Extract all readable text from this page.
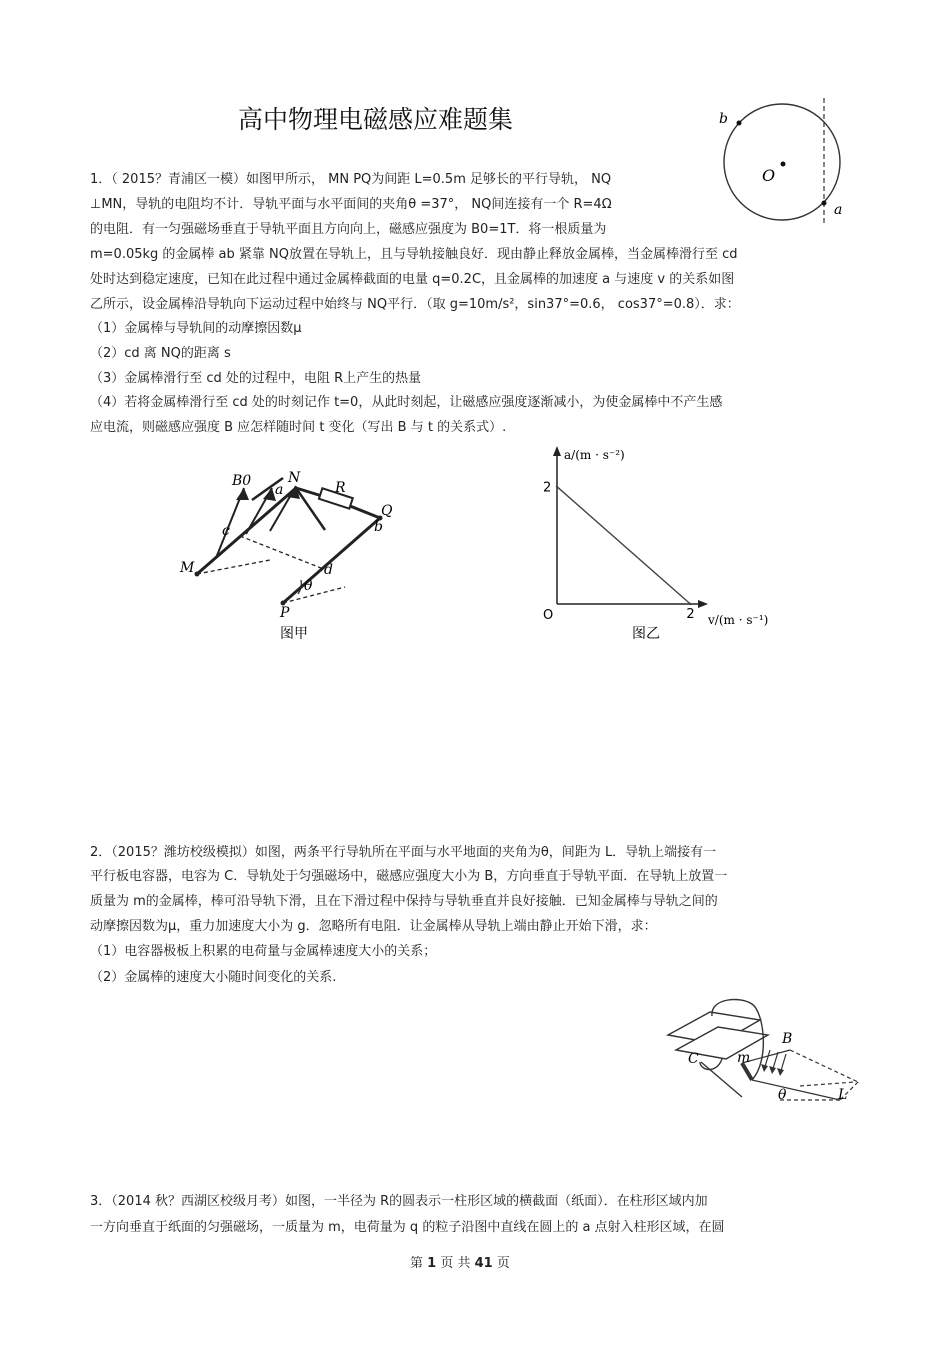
高中物理电磁感应难题集	b
O
a
1．（ 2015？青浦区一模）如图甲所示， MN PQ为间距 L=0.5m 足够长的平行导轨， NQ
⊥MN，导轨的电阻均不计．导轨平面与水平面间的夹角θ =37°， NQ间连接有一个 R=4Ω
的电阻．有一匀强磁场垂直于导轨平面且方向向上，磁感应强度为 B0=1T．将一根质量为
m=0.05kg 的金属棒 ab 紧靠 NQ放置在导轨上，且与导轨接触良好．现由静止释放金属棒，当金属棒滑行至 cd
处时达到稳定速度，已知在此过程中通过金属棒截面的电量 q=0.2C，且金属棒的加速度 a 与速度 v 的关系如图
乙所示，设金属棒沿导轨向下运动过程中始终与 NQ平行．（取 g=10m/s²，sin37°=0.6， cos37°=0.8）．求：
（1）金属棒与导轨间的动摩擦因数μ
（2）cd 离 NQ的距离 s
（3）金属棒滑行至 cd 处的过程中，电阻 R上产生的热量
（4）若将金属棒滑行至 cd 处的时刻记作 t=0，从此时刻起，让磁感应强度逐渐减小，为使金属棒中不产生感
应电流，则磁感应强度 B 应怎样随时间 t 变化（写出 B 与 t 的关系式）.
B0	N
a	R
Q
b
c
M	d
θ
P
图甲
2
2
a/(m · s⁻²)
v/(m · s⁻¹)
O
图乙
2．（2015？潍坊校级模拟）如图，两条平行导轨所在平面与水平地面的夹角为θ，间距为 L．导轨上端接有一
平行板电容器，电容为 C．导轨处于匀强磁场中，磁感应强度大小为 B，方向垂直于导轨平面．在导轨上放置一
质量为 m的金属棒，棒可沿导轨下滑，且在下滑过程中保持与导轨垂直并良好接触．已知金属棒与导轨之间的
动摩擦因数为μ，重力加速度大小为 g．忽略所有电阻．让金属棒从导轨上端由静止开始下滑，求：
（1）电容器极板上积累的电荷量与金属棒速度大小的关系；
（2）金属棒的速度大小随时间变化的关系.
C	m
B
θ	L
3．（2014 秋？西湖区校级月考）如图，一半径为 R的圆表示一柱形区域的横截面（纸面）．在柱形区域内加
一方向垂直于纸面的匀强磁场，一质量为 m，电荷量为 q 的粒子沿图中直线在圆上的 a 点射入柱形区域，在圆
第 1 页 共 41 页
